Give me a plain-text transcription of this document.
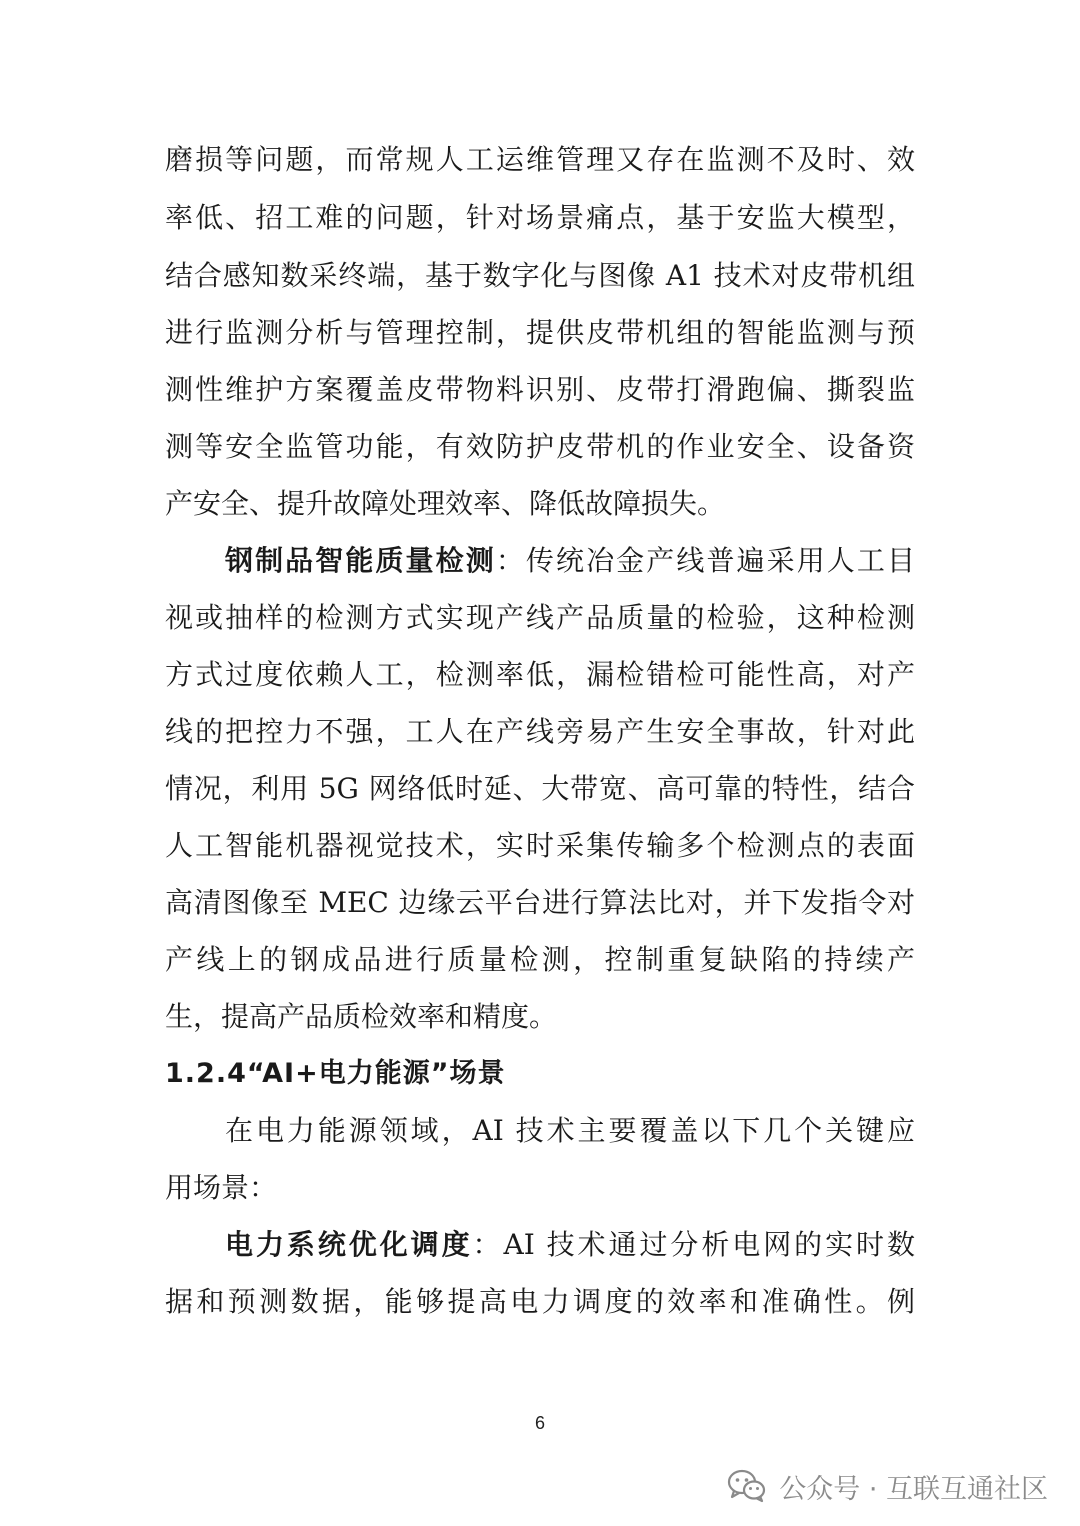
磨损等问题，而常规人工运维管理又存在监测不及时、效
率低、招工难的问题，针对场景痛点，基于安监大模型，
结合感知数采终端，基于数字化与图像 A1 技术对皮带机组
进行监测分析与管理控制，提供皮带机组的智能监测与预
测性维护方案覆盖皮带物料识别、皮带打滑跑偏、撕裂监
测等安全监管功能，有效防护皮带机的作业安全、设备资
产安全、提升故障处理效率、降低故障损失。
钢制品智能质量检测：传统冶金产线普遍采用人工目
视或抽样的检测方式实现产线产品质量的检验，这种检测
方式过度依赖人工，检测率低，漏检错检可能性高，对产
线的把控力不强，工人在产线旁易产生安全事故，针对此
情况，利用 5G 网络低时延、大带宽、高可靠的特性，结合
人工智能机器视觉技术，实时采集传输多个检测点的表面
高清图像至 MEC 边缘云平台进行算法比对，并下发指令对
产线上的钢成品进行质量检测，控制重复缺陷的持续产
生，提高产品质检效率和精度。
1.2.4“AI+电力能源”场景
在电力能源领域，AI 技术主要覆盖以下几个关键应
用场景：
电力系统优化调度：AI 技术通过分析电网的实时数
据和预测数据，能够提高电力调度的效率和准确性。例
6
公众号 · 互联互通社区
